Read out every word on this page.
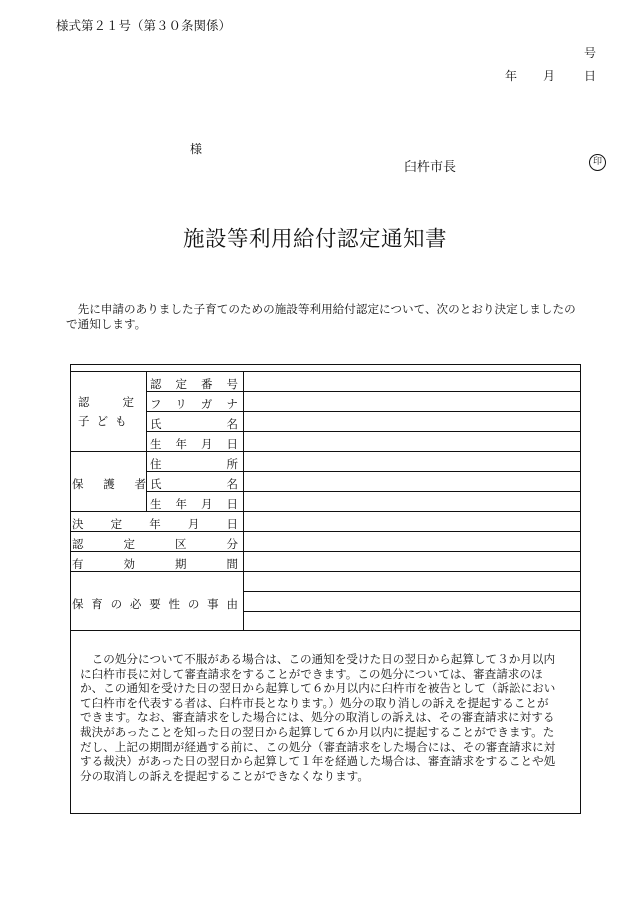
様式第２１号（第３０条関係）
号
年 月 日
様
臼杵市長	印
施設等利用給付認定通知書
先に申請のありました子育てのための施設等利用給付認定について、次のとおり決定しましたので通知します。
認	定
子ども
認定番号
フリガナ
氏名
生年月日
保護者
住所
氏名
生年月日
決定年月日
認定区分
有効期間
保育の必要性の事由
この処分について不服がある場合は、この通知を受けた日の翌日から起算して３か月以内に臼杵市長に対して審査請求をすることができます。この処分については、審査請求のほか、この通知を受けた日の翌日から起算して６か月以内に臼杵市を被告として（訴訟において臼杵市を代表する者は、臼杵市長となります。）処分の取り消しの訴えを提起することができます。なお、審査請求をした場合には、処分の取消しの訴えは、その審査請求に対する裁決があったことを知った日の翌日から起算して６か月以内に提起することができます。ただし、上記の期間が経過する前に、この処分（審査請求をした場合には、その審査請求に対する裁決）があった日の翌日から起算して１年を経過した場合は、審査請求をすることや処分の取消しの訴えを提起することができなくなります。
